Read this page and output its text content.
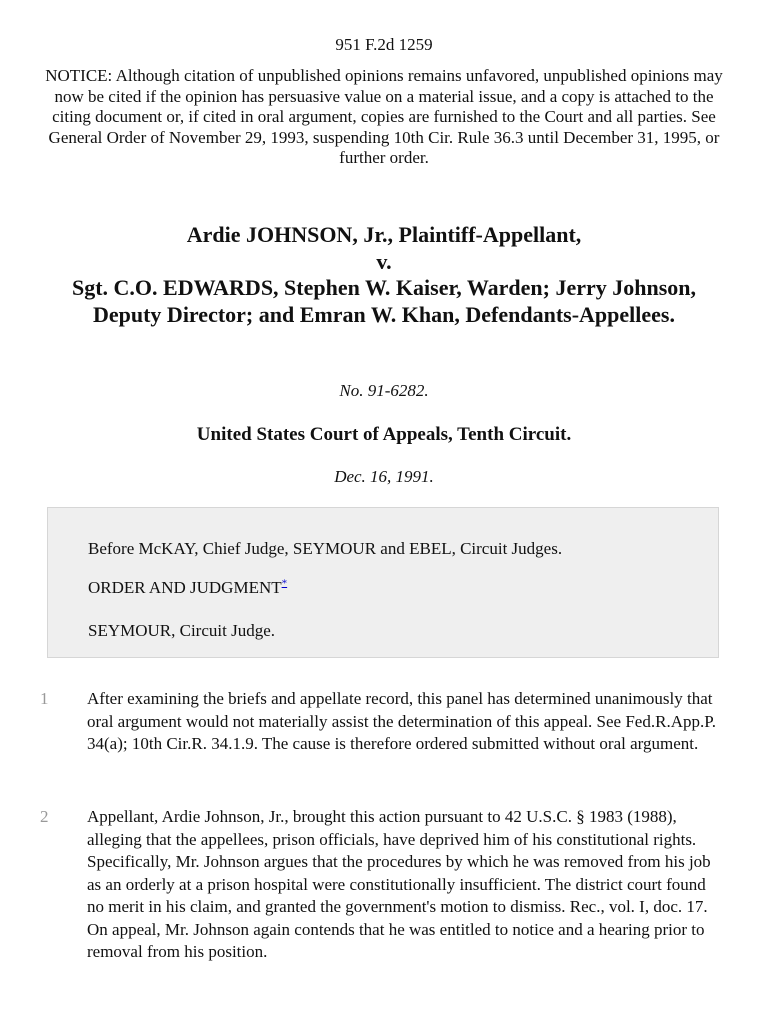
951 F.2d 1259
NOTICE: Although citation of unpublished opinions remains unfavored, unpublished opinions may now be cited if the opinion has persuasive value on a material issue, and a copy is attached to the citing document or, if cited in oral argument, copies are furnished to the Court and all parties. See General Order of November 29, 1993, suspending 10th Cir. Rule 36.3 until December 31, 1995, or further order.
Ardie JOHNSON, Jr., Plaintiff-Appellant,
v.
Sgt. C.O. EDWARDS, Stephen W. Kaiser, Warden; Jerry Johnson, Deputy Director; and Emran W. Khan, Defendants-Appellees.
No. 91-6282.
United States Court of Appeals, Tenth Circuit.
Dec. 16, 1991.
Before McKAY, Chief Judge, SEYMOUR and EBEL, Circuit Judges.
ORDER AND JUDGMENT*
SEYMOUR, Circuit Judge.
1 After examining the briefs and appellate record, this panel has determined unanimously that oral argument would not materially assist the determination of this appeal. See Fed.R.App.P. 34(a); 10th Cir.R. 34.1.9. The cause is therefore ordered submitted without oral argument.
2 Appellant, Ardie Johnson, Jr., brought this action pursuant to 42 U.S.C. § 1983 (1988), alleging that the appellees, prison officials, have deprived him of his constitutional rights. Specifically, Mr. Johnson argues that the procedures by which he was removed from his job as an orderly at a prison hospital were constitutionally insufficient. The district court found no merit in his claim, and granted the government's motion to dismiss. Rec., vol. I, doc. 17. On appeal, Mr. Johnson again contends that he was entitled to notice and a hearing prior to removal from his position.
